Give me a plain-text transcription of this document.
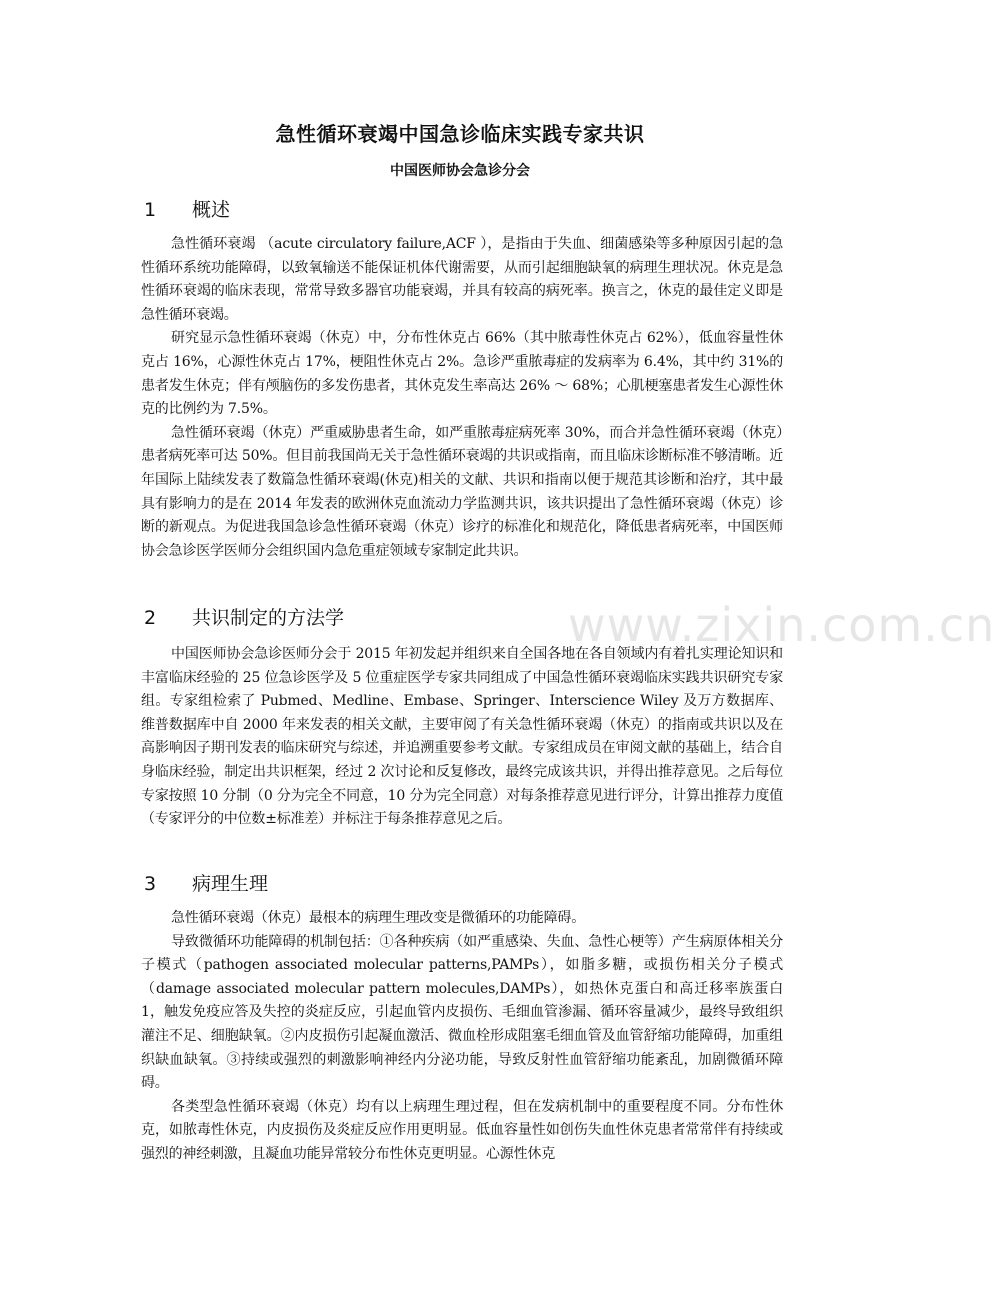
www.zixin.com.cn
急性循环衰竭中国急诊临床实践专家共识
中国医师协会急诊分会
1 概述

急性循环衰竭 （acute circulatory failure,ACF ），是指由于失血、细菌感染等多种原因引起的急性循环系统功能障碍，以致氧输送不能保证机体代谢需要，从而引起细胞缺氧的病理生理状况。休克是急性循环衰竭的临床表现，常常导致多器官功能衰竭，并具有较高的病死率。换言之，休克的最佳定义即是急性循环衰竭。

研究显示急性循环衰竭（休克）中，分布性休克占 66%（其中脓毒性休克占 62%），低血容量性休克占 16%，心源性休克占 17%，梗阻性休克占 2%。急诊严重脓毒症的发病率为 6.4%，其中约 31%的患者发生休克；伴有颅脑伤的多发伤患者，其休克发生率高达 26% ～ 68%；心肌梗塞患者发生心源性休克的比例约为 7.5%。

急性循环衰竭（休克）严重威胁患者生命，如严重脓毒症病死率 30%，而合并急性循环衰竭（休克）患者病死率可达 50%。但目前我国尚无关于急性循环衰竭的共识或指南，而且临床诊断标准不够清晰。近年国际上陆续发表了数篇急性循环衰竭(休克)相关的文献、共识和指南以便于规范其诊断和治疗，其中最具有影响力的是在 2014 年发表的欧洲休克血流动力学监测共识，该共识提出了急性循环衰竭（休克）诊断的新观点。为促进我国急诊急性循环衰竭（休克）诊疗的标准化和规范化，降低患者病死率，中国医师协会急诊医学医师分会组织国内急危重症领域专家制定此共识。

2 共识制定的方法学

中国医师协会急诊医师分会于 2015 年初发起并组织来自全国各地在各自领域内有着扎实理论知识和丰富临床经验的 25 位急诊医学及 5 位重症医学专家共同组成了中国急性循环衰竭临床实践共识研究专家组。专家组检索了 Pubmed、Medline、Embase、Springer、Interscience Wiley 及万方数据库、维普数据库中自 2000 年来发表的相关文献，主要审阅了有关急性循环衰竭（休克）的指南或共识以及在高影响因子期刊发表的临床研究与综述，并追溯重要参考文献。专家组成员在审阅文献的基础上，结合自身临床经验，制定出共识框架，经过 2 次讨论和反复修改，最终完成该共识，并得出推荐意见。之后每位专家按照 10 分制（0 分为完全不同意，10 分为完全同意）对每条推荐意见进行评分，计算出推荐力度值（专家评分的中位数±标准差）并标注于每条推荐意见之后。

3 病理生理

急性循环衰竭（休克）最根本的病理生理改变是微循环的功能障碍。

导致微循环功能障碍的机制包括：①各种疾病（如严重感染、失血、急性心梗等）产生病原体相关分子模式（pathogen associated molecular patterns,PAMPs），如脂多糖，或损伤相关分子模式（damage associated molecular pattern molecules,DAMPs），如热休克蛋白和高迁移率族蛋白 1，触发免疫应答及失控的炎症反应，引起血管内皮损伤、毛细血管渗漏、循环容量减少，最终导致组织灌注不足、细胞缺氧。②内皮损伤引起凝血激活、微血栓形成阻塞毛细血管及血管舒缩功能障碍，加重组织缺血缺氧。③持续或强烈的刺激影响神经内分泌功能，导致反射性血管舒缩功能紊乱，加剧微循环障碍。

各类型急性循环衰竭（休克）均有以上病理生理过程，但在发病机制中的重要程度不同。分布性休克，如脓毒性休克，内皮损伤及炎症反应作用更明显。低血容量性如创伤失血性休克患者常常伴有持续或强烈的神经刺激，且凝血功能异常较分布性休克更明显。心源性休克
